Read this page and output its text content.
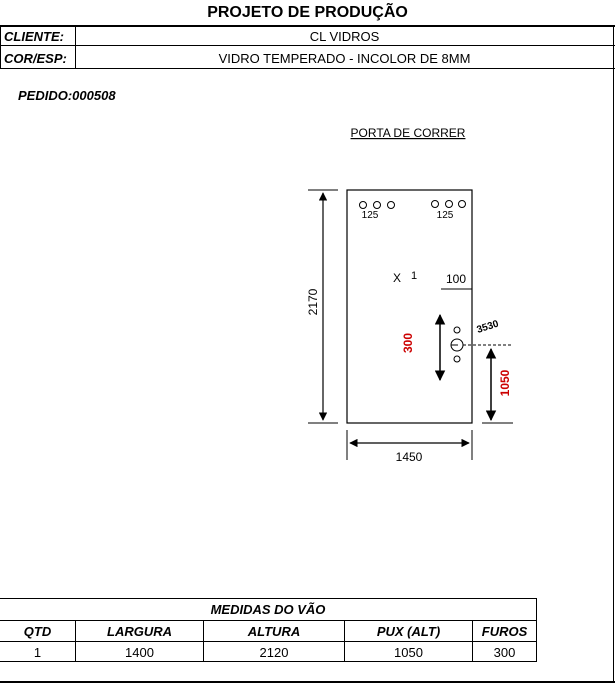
PROJETO DE PRODUÇÃO
CLIENTE:	CL VIDROS
COR/ESP:	VIDRO TEMPERADO - INCOLOR DE 8MM
PEDIDO:000508
PORTA DE CORRER
125	125
X 1 100
2170
1450
300
3530
1050
MEDIDAS DO VÃO
QTD	LARGURA	ALTURA	PUX (ALT)	FUROS
1	1400	2120	1050	300
